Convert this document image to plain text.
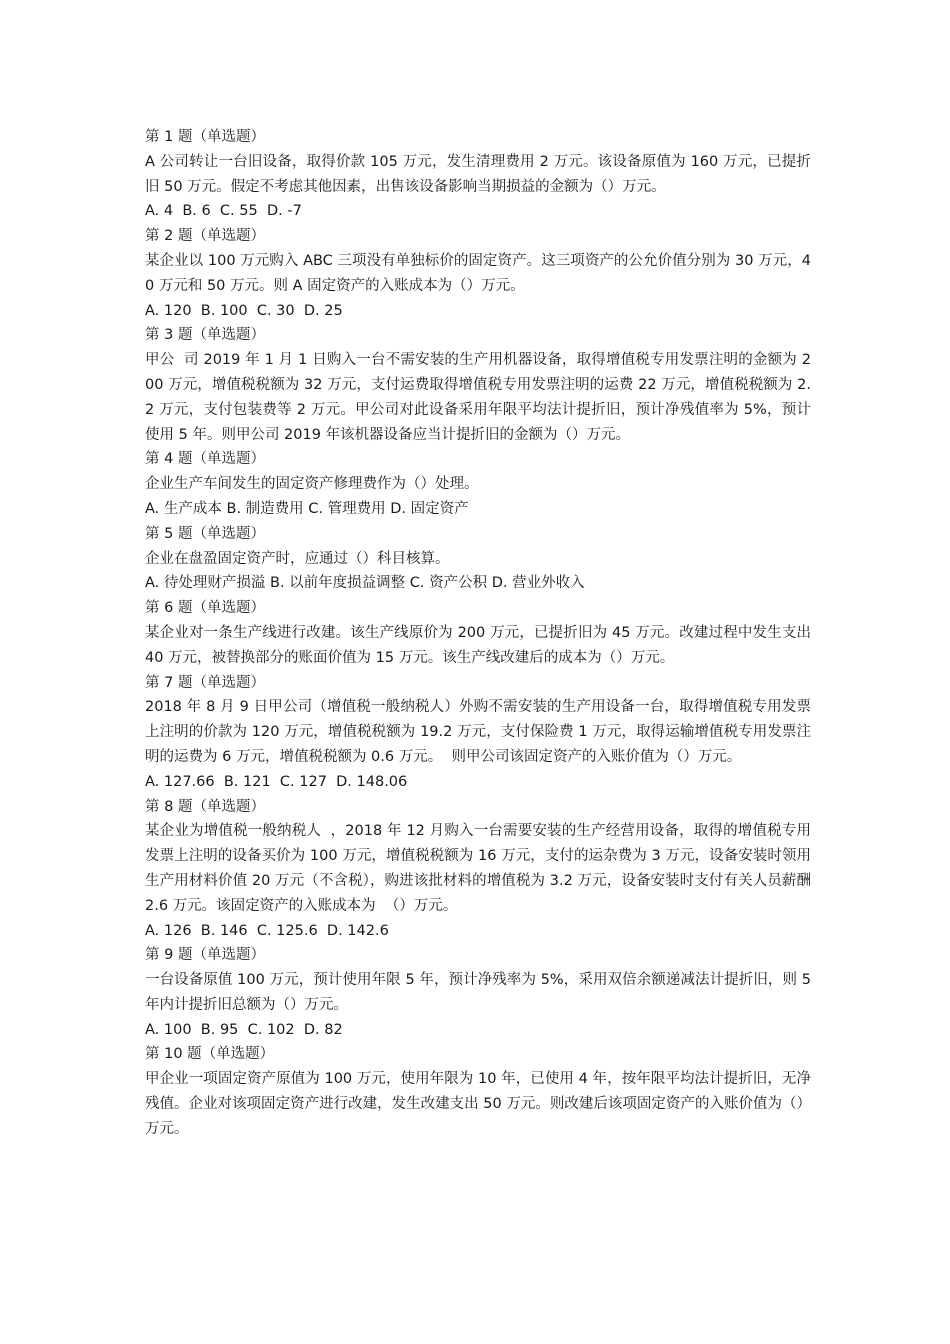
第 1 题（单选题）

A 公司转让一台旧设备，取得价款 105 万元，发生清理费用 2 万元。该设备原值为 160 万元，已提折旧 50 万元。假定不考虑其他因素，出售该设备影响当期损益的金额为（）万元。

A. 4  B. 6  C. 55  D. -7

第 2 题（单选题）

某企业以 100 万元购入 ABC 三项没有单独标价的固定资产。这三项资产的公允价值分别为 30 万元，40 万元和 50 万元。则 A 固定资产的入账成本为（）万元。

A. 120  B. 100  C. 30  D. 25

第 3 题（单选题）

甲公  司 2019 年 1 月 1 日购入一台不需安装的生产用机器设备，取得增值税专用发票注明的金额为 200 万元，增值税税额为 32 万元，支付运费取得增值税专用发票注明的运费 22 万元，增值税税额为 2.2 万元，支付包装费等 2 万元。甲公司对此设备采用年限平均法计提折旧，预计净残值率为 5%，预计使用 5 年。则甲公司 2019 年该机器设备应当计提折旧的金额为（）万元。

第 4 题（单选题）

企业生产车间发生的固定资产修理费作为（）处理。

A. 生产成本 B. 制造费用 C. 管理费用 D. 固定资产

第 5 题（单选题）

企业在盘盈固定资产时，应通过（）科目核算。

A. 待处理财产损溢 B. 以前年度损益调整 C. 资产公积 D. 营业外收入

第 6 题（单选题）

某企业对一条生产线进行改建。该生产线原价为 200 万元，已提折旧为 45 万元。改建过程中发生支出 40 万元，被替换部分的账面价值为 15 万元。该生产线改建后的成本为（）万元。

第 7 题（单选题）

2018 年 8 月 9 日甲公司（增值税一般纳税人）外购不需安装的生产用设备一台，取得增值税专用发票上注明的价款为 120 万元，增值税税额为 19.2 万元，支付保险费 1 万元，取得运输增值税专用发票注明的运费为 6 万元，增值税税额为 0.6 万元。  则甲公司该固定资产的入账价值为（）万元。

A. 127.66  B. 121  C. 127  D. 148.06

第 8 题（单选题）

某企业为增值税一般纳税人  ，2018 年 12 月购入一台需要安装的生产经营用设备，取得的增值税专用发票上注明的设备买价为 100 万元，增值税税额为 16 万元，支付的运杂费为 3 万元，设备安装时领用生产用材料价值 20 万元（不含税），购进该批材料的增值税为 3.2 万元，设备安装时支付有关人员薪酬 2.6 万元。该固定资产的入账成本为  （）万元。

A. 126  B. 146  C. 125.6  D. 142.6

第 9 题（单选题）

一台设备原值 100 万元，预计使用年限 5 年，预计净残率为 5%，采用双倍余额递减法计提折旧，则 5 年内计提折旧总额为（）万元。

A. 100  B. 95  C. 102  D. 82

第 10 题（单选题）

甲企业一项固定资产原值为 100 万元，使用年限为 10 年，已使用 4 年，按年限平均法计提折旧，无净残值。企业对该项固定资产进行改建，发生改建支出 50 万元。则改建后该项固定资产的入账价值为（）万元。
